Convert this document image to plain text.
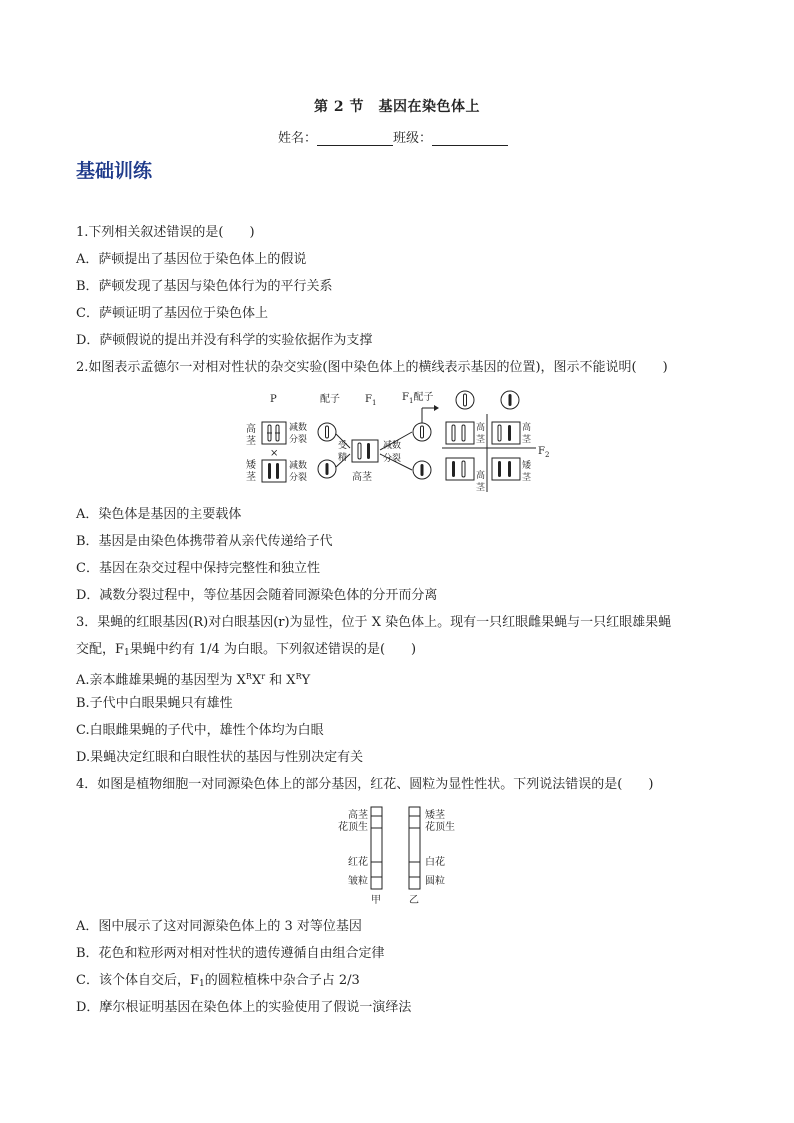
第 2 节　基因在染色体上
姓名：	班级：
基础训练
1.下列相关叙述错误的是(　　)
A．萨顿提出了基因位于染色体上的假说
B．萨顿发现了基因与染色体行为的平行关系
C．萨顿证明了基因位于染色体上
D．萨顿假说的提出并没有科学的实验依据作为支撑
2.如图表示孟德尔一对相对性状的杂交实验(图中染色体上的横线表示基因的位置)，图示不能说明(　　)
P	配子	$F_1$	$F_1$配子
高
茎
矮
茎
×
减数
分裂
减数
分裂
受
精
高茎
减数
分裂
$F_2$
高
茎
高
茎
高
茎
矮
茎
A．染色体是基因的主要载体
B．基因是由染色体携带着从亲代传递给子代
C．基因在杂交过程中保持完整性和独立性
D．减数分裂过程中，等位基因会随着同源染色体的分开而分离
3．果蝇的红眼基因(R)对白眼基因(r)为显性，位于 X 染色体上。现有一只红眼雌果蝇与一只红眼雄果蝇
交配，$F_1$果蝇中约有 1/4 为白眼。下列叙述错误的是(　　)
A.亲本雌雄果蝇的基因型为 $X^RX^r$ 和 $X^RY$
B.子代中白眼果蝇只有雄性
C.白眼雌果蝇的子代中，雄性个体均为白眼
D.果蝇决定红眼和白眼性状的基因与性别决定有关
4．如图是植物细胞一对同源染色体上的部分基因，红花、圆粒为显性性状。下列说法错误的是(　　)
高茎
花顶生
红花
皱粒
甲
矮茎
花顶生
白花
圆粒
乙
A．图中展示了这对同源染色体上的 3 对等位基因
B．花色和粒形两对相对性状的遗传遵循自由组合定律
C．该个体自交后，$F_1$的圆粒植株中杂合子占 2/3
D．摩尔根证明基因在染色体上的实验使用了假说一演绎法
